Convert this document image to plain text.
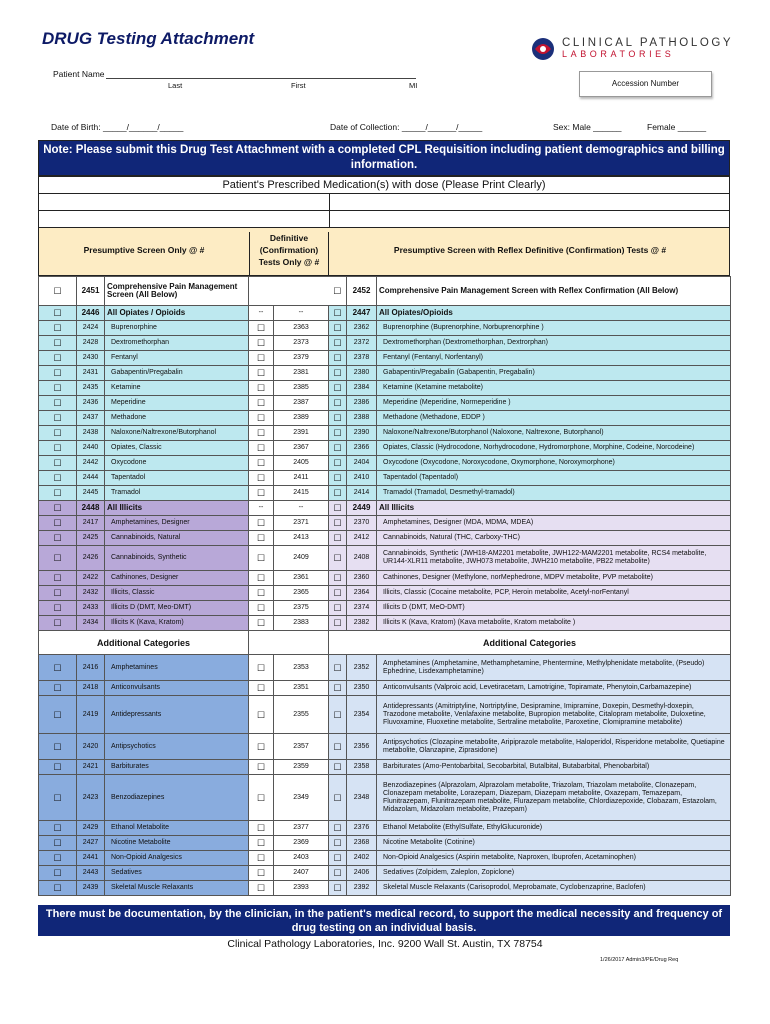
DRUG Testing Attachment	CLINICAL PATHOLOGY
LABORATORIES
Patient Name
Last	First	MI	Accession Number
Date of Birth: _____/______/_____	Date of Collection: _____/______/_____	Sex: Male ______	Female ______
Note: Please submit this Drug Test Attachment with a completed CPL Requisition including patient demographics and billing information.
Patient's Prescribed Medication(s) with dose (Please Print Clearly)
Presumptive Screen Only @ #
Definitive (Confirmation) Tests Only @ #
Presumptive Screen with Reflex Definitive (Confirmation) Tests @ #
☐	2451	Comprehensive Pain Management Screen (All Below)			☐	2452	Comprehensive Pain Management Screen with Reflex Confirmation (All Below)
☐	2446	All Opiates / Opioids	--	--	☐	2447	All Opiates/Opioids
☐	2424	Buprenorphine	☐	2363	☐	2362	Buprenorphine (Buprenorphine, Norbuprenorphine )
☐	2428	Dextromethorphan	☐	2373	☐	2372	Dextromethorphan (Dextromethorphan, Dextrorphan)
☐	2430	Fentanyl	☐	2379	☐	2378	Fentanyl (Fentanyl, Norfentanyl)
☐	2431	Gabapentin/Pregabalin	☐	2381	☐	2380	Gabapentin/Pregabalin (Gabapentin, Pregabalin)
☐	2435	Ketamine	☐	2385	☐	2384	Ketamine (Ketamine metabolite)
☐	2436	Meperidine	☐	2387	☐	2386	Meperidine (Meperidine, Normeperidine )
☐	2437	Methadone	☐	2389	☐	2388	Methadone (Methadone, EDDP )
☐	2438	Naloxone/Naltrexone/Butorphanol	☐	2391	☐	2390	Naloxone/Naltrexone/Butorphanol (Naloxone, Naltrexone, Butorphanol)
☐	2440	Opiates, Classic	☐	2367	☐	2366	Opiates, Classic (Hydrocodone, Norhydrocodone, Hydromorphone, Morphine, Codeine, Norcodeine)
☐	2442	Oxycodone	☐	2405	☐	2404	Oxycodone (Oxycodone, Noroxycodone, Oxymorphone, Noroxymorphone)
☐	2444	Tapentadol	☐	2411	☐	2410	Tapentadol (Tapentadol)
☐	2445	Tramadol	☐	2415	☐	2414	Tramadol (Tramadol, Desmethyl-tramadol)
☐	2448	All Illicits	--	--	☐	2449	All Illicits
☐	2417	Amphetamines, Designer	☐	2371	☐	2370	Amphetamines, Designer (MDA, MDMA, MDEA)
☐	2425	Cannabinoids, Natural	☐	2413	☐	2412	Cannabinoids, Natural (THC, Carboxy-THC)
☐	2426	Cannabinoids, Synthetic	☐	2409	☐	2408	Cannabinoids, Synthetic (JWH18-AM2201 metabolite, JWH122-MAM2201 metabolite, RCS4 metabolite, UR144-XLR11 metabolite, JWH073 metabolite, JWH210 metabolite, PB22 metabolite)
☐	2422	Cathinones, Designer	☐	2361	☐	2360	Cathinones, Designer (Methylone, norMephedrone, MDPV metabolite, PVP metabolite)
☐	2432	Illicits, Classic	☐	2365	☐	2364	Illicits, Classic (Cocaine metabolite, PCP, Heroin metabolite, Acetyl-norFentanyl
☐	2433	Illicits D (DMT, Meo-DMT)	☐	2375	☐	2374	Illicits D (DMT, MeO-DMT)
☐	2434	Illicits K (Kava, Kratom)	☐	2383	☐	2382	Illicits K (Kava, Kratom) (Kava metabolite, Kratom metabolite )
Additional Categories					Additional Categories		
☐	2416	Amphetamines	☐	2353	☐	2352	Amphetamines (Amphetamine, Methamphetamine, Phentermine, Methylphenidate metabolite, (Pseudo) Ephedrine, Lisdexamphetamine)
☐	2418	Anticonvulsants	☐	2351	☐	2350	Anticonvulsants (Valproic acid, Levetiracetam, Lamotrigine, Topiramate, Phenytoin,Carbamazepine)
☐	2419	Antidepressants	☐	2355	☐	2354	Antidepressants (Amitriptyline, Nortriptyline, Desipramine, Imipramine, Doxepin, Desmethyl-doxepin, Trazodone metabolite, Venlafaxine metabolite, Bupropion metabolite, Citalopram metabolite, Duloxetine, Fluvoxamine, Fluoxetine metabolite, Sertraline metabolite, Paroxetine, Clomipramine metabolite)
☐	2420	Antipsychotics	☐	2357	☐	2356	Antipsychotics (Clozapine metabolite, Aripiprazole metabolite, Haloperidol, Risperidone metabolite, Quetiapine metabolite, Olanzapine, Ziprasidone)
☐	2421	Barbiturates	☐	2359	☐	2358	Barbiturates (Amo-Pentobarbital, Secobarbital, Butalbital, Butabarbital, Phenobarbital)
☐	2423	Benzodiazepines	☐	2349	☐	2348	Benzodiazepines (Alprazolam, Alprazolam metabolite, Triazolam, Triazolam metabolite, Clonazepam, Clonazepam metabolite, Lorazepam, Diazepam, Diazepam metabolite, Oxazepam, Temazepam, Flunitrazepam, Flunitrazepam metabolite, Flurazepam metabolite, Chlordiazepoxide, Clobazam, Estazolam, Midazolam, Midazolam metabolite, Prazepam)
☐	2429	Ethanol Metabolite	☐	2377	☐	2376	Ethanol Metabolite (EthylSulfate, EthylGlucuronide)
☐	2427	Nicotine Metabolite	☐	2369	☐	2368	Nicotine Metabolite (Cotinine)
☐	2441	Non-Opioid Analgesics	☐	2403	☐	2402	Non-Opioid Analgesics (Aspirin metabolite, Naproxen, Ibuprofen, Acetaminophen)
☐	2443	Sedatives	☐	2407	☐	2406	Sedatives (Zolpidem, Zaleplon, Zopiclone)
☐	2439	Skeletal Muscle Relaxants	☐	2393	☐	2392	Skeletal Muscle Relaxants (Carisoprodol, Meprobamate, Cyclobenzaprine, Baclofen)
There must be documentation, by the clinician, in the patient's medical record, to support the medical necessity and frequency of drug testing on an individual basis.
Clinical Pathology Laboratories, Inc. 9200 Wall St. Austin, TX 78754
1/26/2017 Admin3/PE/Drug Req
